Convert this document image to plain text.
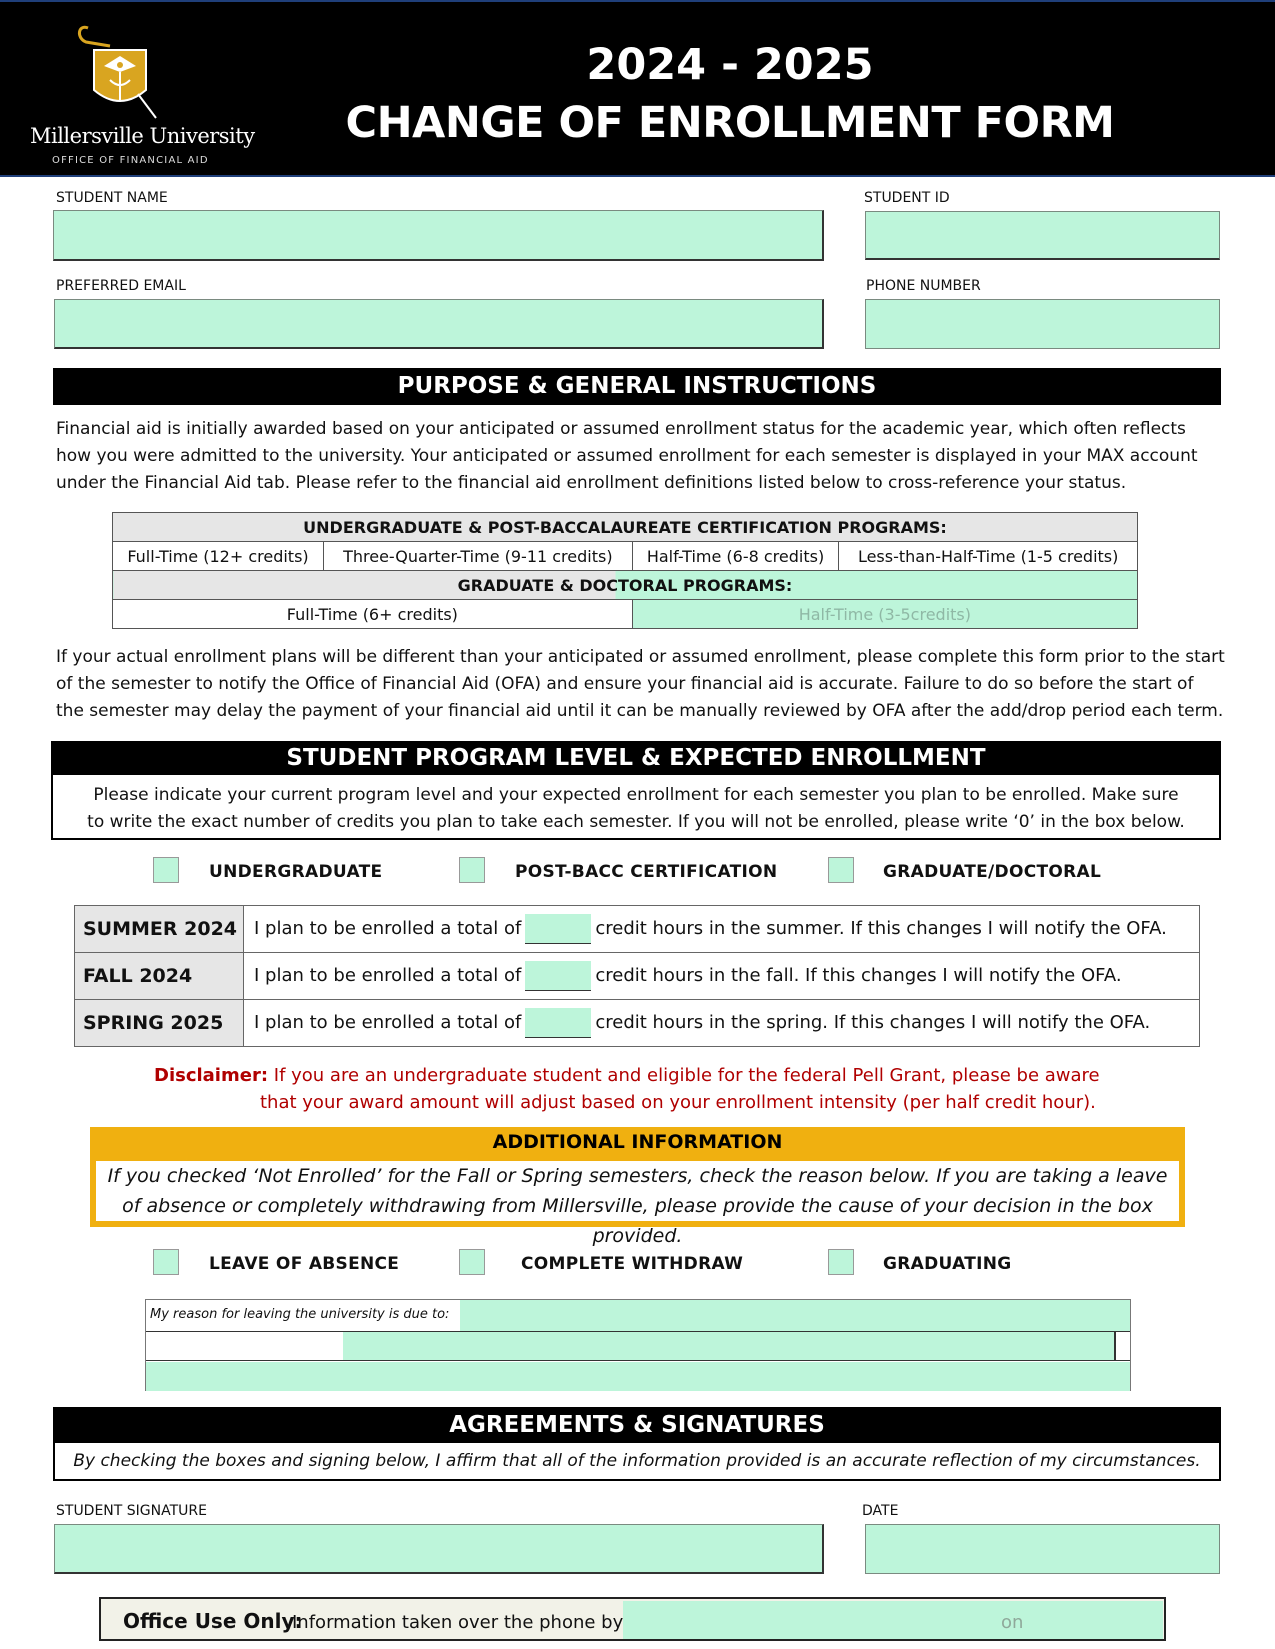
Millersville University
OFFICE OF FINANCIAL AID
2024 - 2025
CHANGE OF ENROLLMENT FORM
STUDENT NAME	STUDENT ID
PREFERRED EMAIL	PHONE NUMBER
PURPOSE & GENERAL INSTRUCTIONS
Financial aid is initially awarded based on your anticipated or assumed enrollment status for the academic year, which often reflects how you were admitted to the university. Your anticipated or assumed enrollment for each semester is displayed in your MAX account under the Financial Aid tab. Please refer to the financial aid enrollment definitions listed below to cross-reference your status.
UNDERGRADUATE & POST-BACCALAUREATE CERTIFICATION PROGRAMS:			
Full-Time (12+ credits)	Three-Quarter-Time (9-11 credits)	Half-Time (6-8 credits)	Less-than-Half-Time (1-5 credits)
GRADUATE & DOCTORAL PROGRAMS:			
Full-Time (6+ credits)		Half-Time (3-5credits)	
If your actual enrollment plans will be different than your anticipated or assumed enrollment, please complete this form prior to the start of the semester to notify the Office of Financial Aid (OFA) and ensure your financial aid is accurate. Failure to do so before the start of the semester may delay the payment of your financial aid until it can be manually reviewed by OFA after the add/drop period each term.
STUDENT PROGRAM LEVEL & EXPECTED ENROLLMENT
Please indicate your current program level and your expected enrollment for each semester you plan to be enrolled. Make sure to write the exact number of credits you plan to take each semester. If you will not be enrolled, please write ‘0’ in the box below.
UNDERGRADUATE	POST-BACC CERTIFICATION	GRADUATE/DOCTORAL
SUMMER 2024	I plan to be enrolled a total of credit hours in the summer. If this changes I will notify the OFA.
FALL 2024	I plan to be enrolled a total of credit hours in the fall. If this changes I will notify the OFA.
SPRING 2025	I plan to be enrolled a total of credit hours in the spring. If this changes I will notify the OFA.
Disclaimer: If you are an undergraduate student and eligible for the federal Pell Grant, please be aware
that your award amount will adjust based on your enrollment intensity (per half credit hour).
ADDITIONAL INFORMATION
If you checked ‘Not Enrolled’ for the Fall or Spring semesters, check the reason below. If you are taking a leave of absence or completely withdrawing from Millersville, please provide the cause of your decision in the box provided.
LEAVE OF ABSENCE	COMPLETE WITHDRAW	GRADUATING
My reason for leaving the university is due to:
AGREEMENTS & SIGNATURES
By checking the boxes and signing below, I affirm that all of the information provided is an accurate reflection of my circumstances.
STUDENT SIGNATURE	DATE
Office Use Only:
Information taken over the phone by	on
